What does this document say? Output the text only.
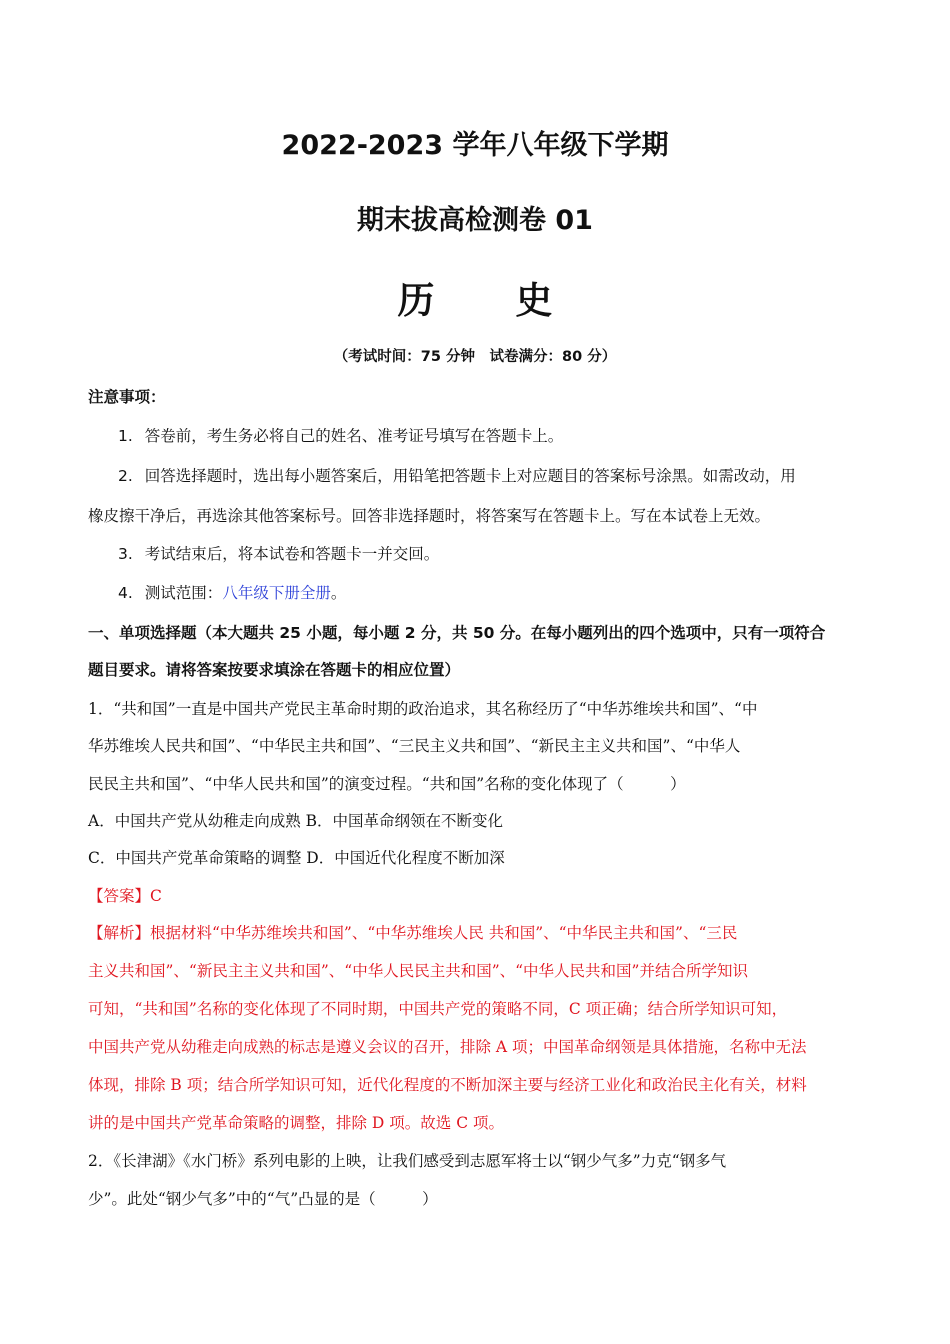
2022-2023 学年八年级下学期
期末拔高检测卷 01
历 史
（考试时间：75 分钟　试卷满分：80 分）
注意事项：
1. 答卷前，考生务必将自己的姓名、准考证号填写在答题卡上。
2. 回答选择题时，选出每小题答案后，用铅笔把答题卡上对应题目的答案标号涂黑。如需改动，用
橡皮擦干净后，再选涂其他答案标号。回答非选择题时，将答案写在答题卡上。写在本试卷上无效。
3. 考试结束后，将本试卷和答题卡一并交回。
4. 测试范围：八年级下册全册。
一、单项选择题（本大题共 25 小题，每小题 2 分，共 50 分。在每小题列出的四个选项中，只有一项符合
题目要求。请将答案按要求填涂在答题卡的相应位置）
1．“共和国”一直是中国共产党民主革命时期的政治追求，其名称经历了“中华苏维埃共和国”、“中
华苏维埃人民共和国”、“中华民主共和国”、“三民主义共和国”、“新民主主义共和国”、“中华人
民民主共和国”、“中华人民共和国”的演变过程。“共和国”名称的变化体现了（　　　）
A．中国共产党从幼稚走向成熟 B．中国革命纲领在不断变化
C．中国共产党革命策略的调整 D．中国近代化程度不断加深
【答案】C
【解析】根据材料“中华苏维埃共和国”、“中华苏维埃人民 共和国”、“中华民主共和国”、“三民
主义共和国”、“新民主主义共和国”、“中华人民民主共和国”、“中华人民共和国”并结合所学知识
可知，“共和国”名称的变化体现了不同时期，中国共产党的策略不同，C 项正确；结合所学知识可知，
中国共产党从幼稚走向成熟的标志是遵义会议的召开，排除 A 项；中国革命纲领是具体措施，名称中无法
体现，排除 B 项；结合所学知识可知，近代化程度的不断加深主要与经济工业化和政治民主化有关，材料
讲的是中国共产党革命策略的调整，排除 D 项。故选 C 项。
2．《长津湖》《水门桥》系列电影的上映，让我们感受到志愿军将士以“钢少气多”力克“钢多气
少”。此处“钢少气多”中的“气”凸显的是（　　　）
